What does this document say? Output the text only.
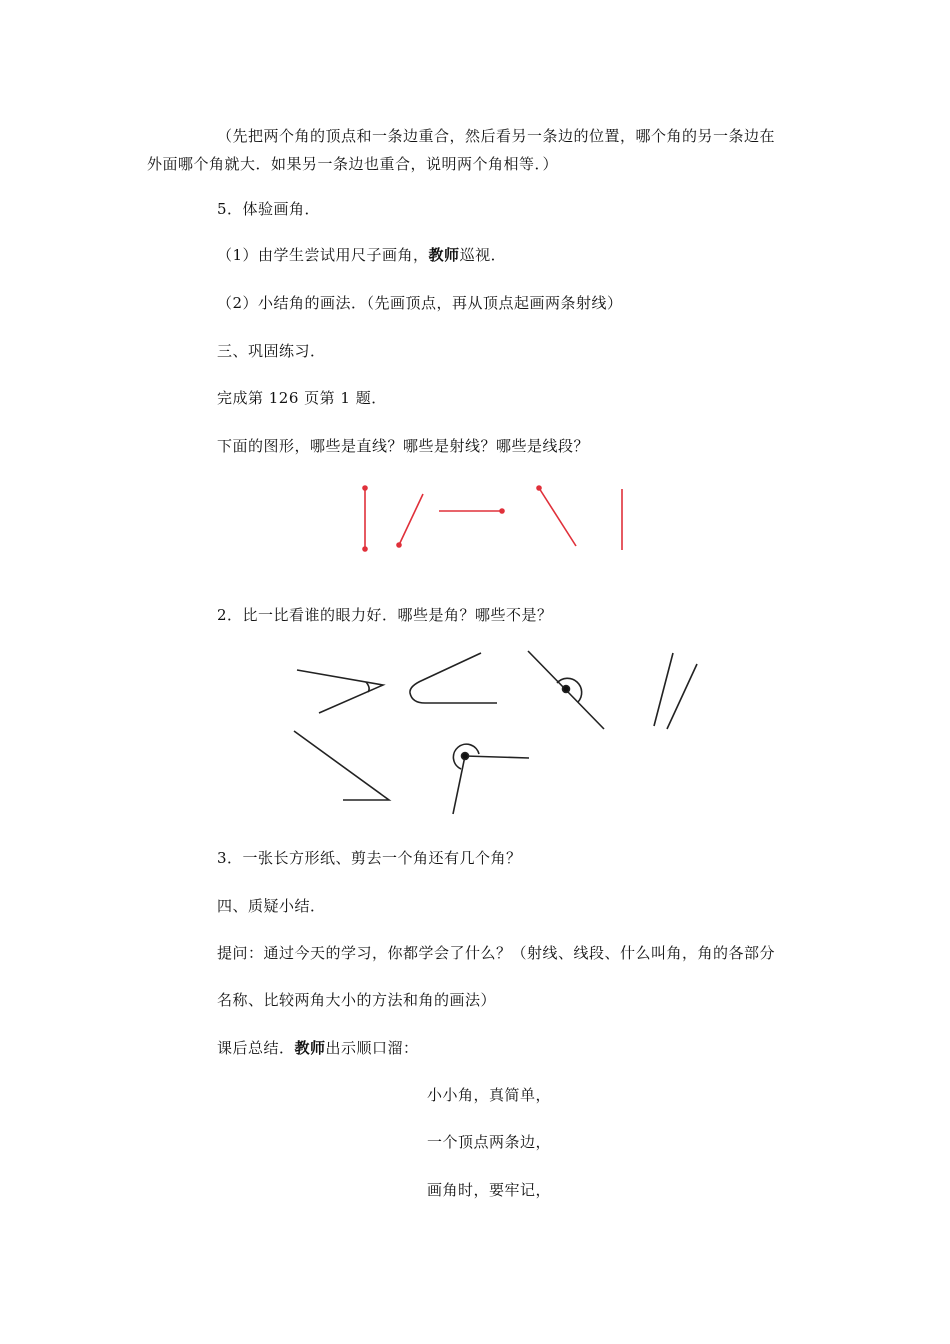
（先把两个角的顶点和一条边重合，然后看另一条边的位置，哪个角的另一条边在
外面哪个角就大．如果另一条边也重合，说明两个角相等．）
5．体验画角．
（1）由学生尝试用尺子画角，教师巡视．
（2）小结角的画法．（先画顶点，再从顶点起画两条射线）
三、巩固练习．
完成第 126 页第 1 题．
下面的图形，哪些是直线？哪些是射线？哪些是线段？
2．比一比看谁的眼力好．哪些是角？哪些不是？
3．一张长方形纸、剪去一个角还有几个角？
四、质疑小结．
提问：通过今天的学习，你都学会了什么？（射线、线段、什么叫角，角的各部分
名称、比较两角大小的方法和角的画法）
课后总结．教师出示顺口溜：
小小角，真简单，
一个顶点两条边，
画角时，要牢记，
